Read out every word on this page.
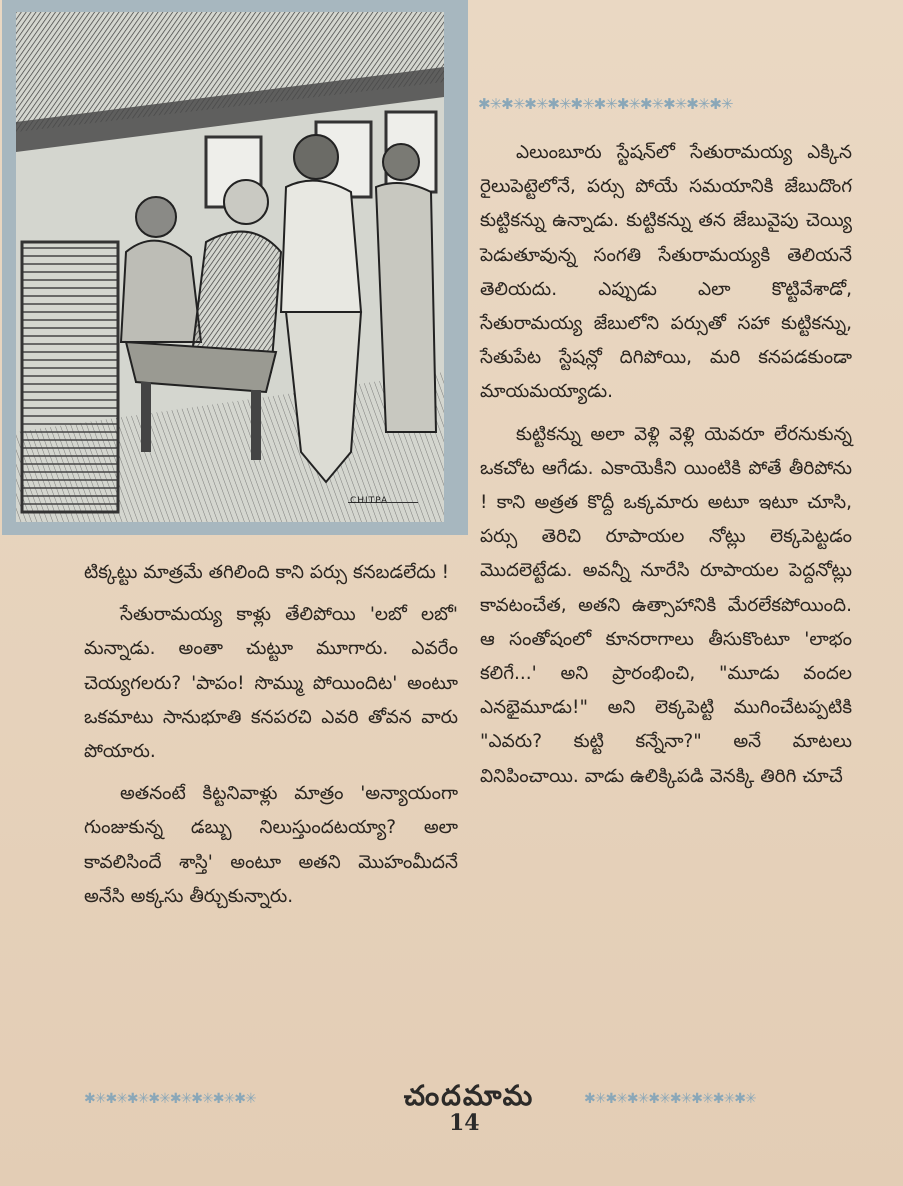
CHITPA
✱✳✱✳✱✳✱✳✱✳✱✳✱✳✱✳✱✳✱✳✱✳

ఎలుంబూరు స్టేషన్‌లో సేతురామయ్య ఎక్కిన రైలుపెట్టెలోనే, పర్సు పోయే సమయానికి జేబుదొంగ కుట్టికన్ను ఉన్నాడు. కుట్టికన్ను తన జేబువైపు చెయ్యి పెడుతూవున్న సంగతి సేతురామయ్యకి తెలియనే తెలియదు. ఎప్పుడు ఎలా కొట్టివేశాడో, సేతురామయ్య జేబులోని పర్సుతో సహా కుట్టికన్ను, సేతుపేట స్టేషన్లో దిగిపోయి, మరి కనపడకుండా మాయమయ్యాడు.

కుట్టికన్ను అలా వెళ్లి వెళ్లి యెవరూ లేరనుకున్న ఒకచోట ఆగేడు. ఎకాయెకీని యింటికి పోతే తీరిపోను ! కాని అత్రత కొద్దీ ఒక్కమారు అటూ ఇటూ చూసి, పర్సు తెరిచి రూపాయల నోట్లు లెక్కపెట్టడం మొదలెట్టేడు. అవన్నీ నూరేసి రూపాయల పెద్దనోట్లు కావటంచేత, అతని ఉత్సాహానికి మేరలేకపోయింది. ఆ సంతోషంలో కూనరాగాలు తీసుకొంటూ 'లాభం కలిగే...' అని ప్రారంభించి, "మూడు వందల ఎనభైమూడు!" అని లెక్కపెట్టి ముగించేటప్పటికి "ఎవరు? కుట్టి కన్నేనా?" అనే మాటలు వినిపించాయి. వాడు ఉలిక్కిపడి వెనక్కి తిరిగి చూచే

టిక్కట్టు మాత్రమే తగిలింది కాని పర్సు కనబడలేదు !

సేతురామయ్య కాళ్లు తేలిపోయి 'లబో లబో' మన్నాడు. అంతా చుట్టూ మూగారు. ఎవరేం చెయ్యగలరు? 'పాపం! సొమ్ము పోయిందిట' అంటూ ఒకమాటు సానుభూతి కనపరచి ఎవరి తోవన వారు పోయారు.

అతనంటే కిట్టనివాళ్లు మాత్రం 'అన్యాయంగా గుంజుకున్న డబ్బు నిలుస్తుందటయ్యా? అలా కావలిసిందే శాస్తి' అంటూ అతని మొహంమీదనే అనేసి అక్కసు తీర్చుకున్నారు.

✱✳✱✳✱✳✱✳✱✳✱✳✱✳✱✳	చందమామ	✱✳✱✳✱✳✱✳✱✳✱✳✱✳✱✳
14
